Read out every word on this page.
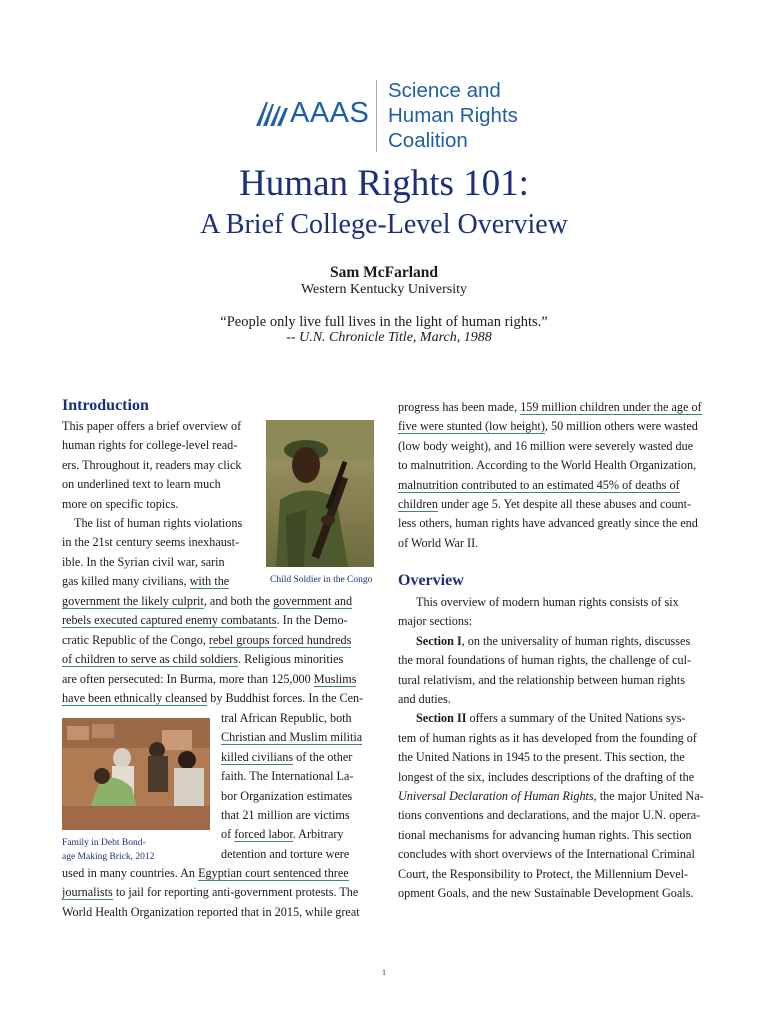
AAAS
Science and
Human Rights
Coalition
Human Rights 101:
A Brief College-Level Overview
Sam McFarland
Western Kentucky University
“People only live full lives in the light of human rights.”
-- U.N. Chronicle Title, March, 1988
Introduction
Child Soldier in the Congo
This paper offers a brief overview of
human rights for college-level read-
ers. Throughout it, readers may click
on underlined text to learn much
more on specific topics.
The list of human rights violations
in the 21st century seems inexhaust-
ible. In the Syrian civil war, sarin
gas killed many civilians, with the
government the likely culprit, and both the government and
rebels executed captured enemy combatants. In the Demo-
cratic Republic of the Congo, rebel groups forced hundreds
of children to serve as child soldiers. Religious minorities
are often persecuted: In Burma, more than 125,000 Muslims
have been ethnically cleansed by Buddhist forces. In the Cen-
Family in Debt Bond-
age Making Brick, 2012
tral African Republic, both
Christian and Muslim militia
killed civilians of the other
faith. The International La-
bor Organization estimates
that 21 million are victims
of forced labor. Arbitrary
detention and torture were
used in many countries. An Egyptian court sentenced three
journalists to jail for reporting anti-government protests. The
World Health Organization reported that in 2015, while great
progress has been made, 159 million children under the age of
five were stunted (low height), 50 million others were wasted
(low body weight), and 16 million were severely wasted due
to malnutrition. According to the World Health Organization,
malnutrition contributed to an estimated 45% of deaths of
children under age 5. Yet despite all these abuses and count-
less others, human rights have advanced greatly since the end
of World War II.
Overview
This overview of modern human rights consists of six
major sections:
Section I, on the universality of human rights, discusses
the moral foundations of human rights, the challenge of cul-
tural relativism, and the relationship between human rights
and duties.
Section II offers a summary of the United Nations sys-
tem of human rights as it has developed from the founding of
the United Nations in 1945 to the present. This section, the
longest of the six, includes descriptions of the drafting of the
Universal Declaration of Human Rights, the major United Na-
tions conventions and declarations, and the major U.N. opera-
tional mechanisms for advancing human rights. This section
concludes with short overviews of the International Criminal
Court, the Responsibility to Protect, the Millennium Devel-
opment Goals, and the new Sustainable Development Goals.
1
